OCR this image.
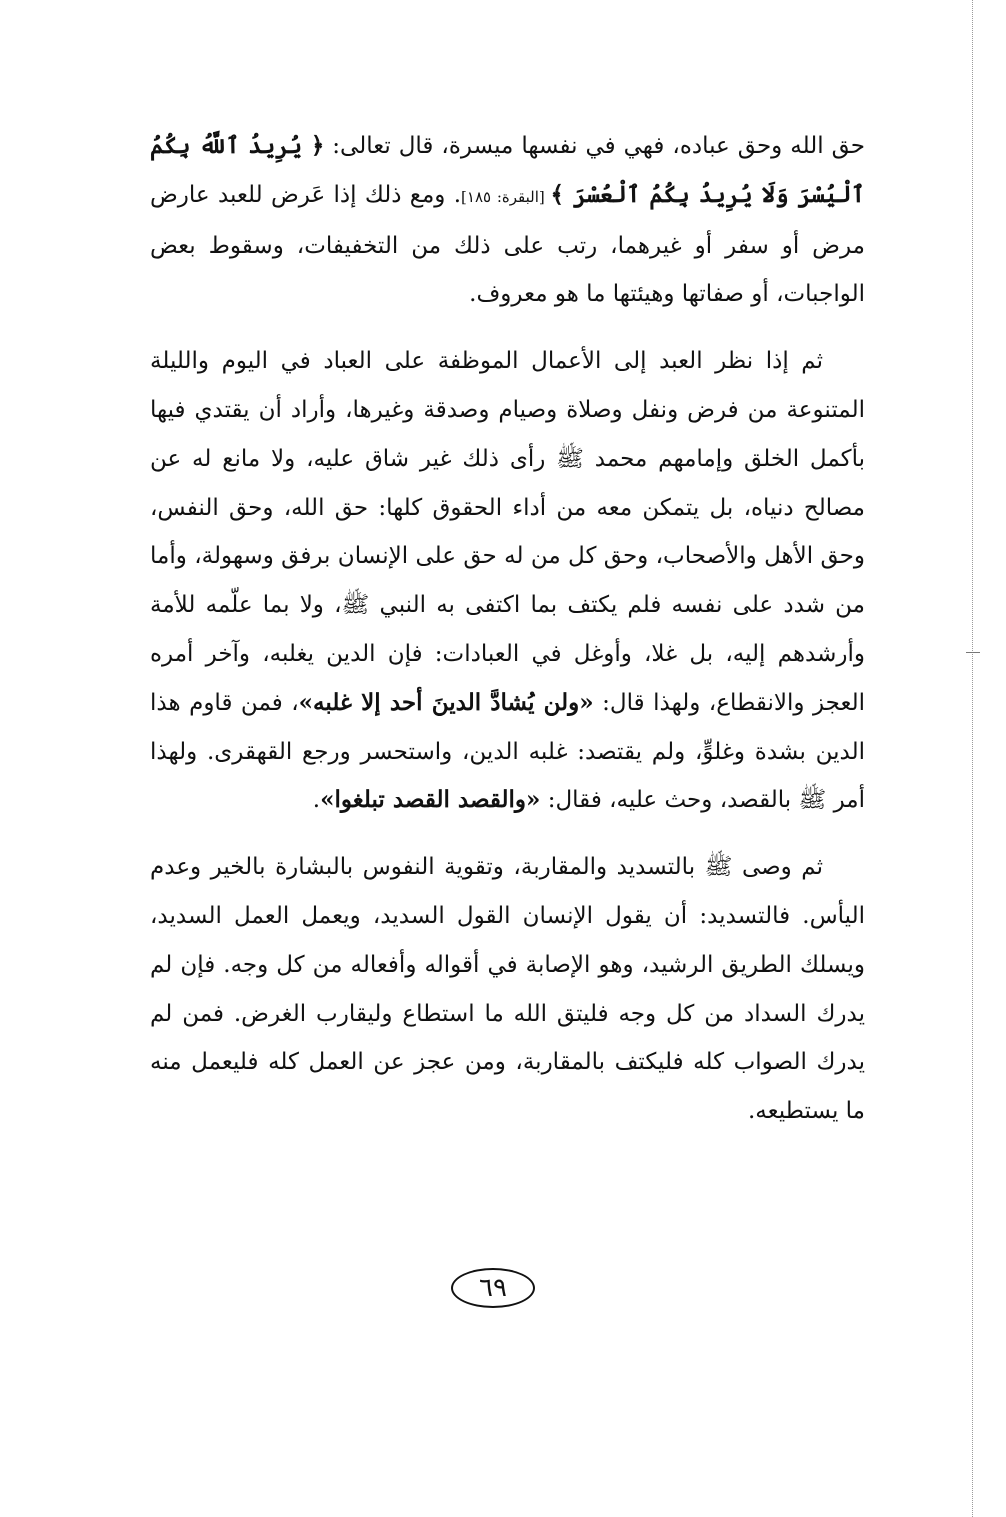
حق الله وحق عباده، فهي في نفسها ميسرة، قال تعالى: ﴿ يُرِيدُ ٱللَّهُ بِكُمُ ٱلْيُسْرَ وَلَا يُرِيدُ بِكُمُ ٱلْعُسْرَ ﴾ [البقرة: ١٨٥]. ومع ذلك إذا عَرض للعبد عارض مرض أو سفر أو غيرهما، رتب على ذلك من التخفيفات، وسقوط بعض الواجبات، أو صفاتها وهيئتها ما هو معروف.

ثم إذا نظر العبد إلى الأعمال الموظفة على العباد في اليوم والليلة المتنوعة من فرض ونفل وصلاة وصيام وصدقة وغيرها، وأراد أن يقتدي فيها بأكمل الخلق وإمامهم محمد ﷺ رأى ذلك غير شاق عليه، ولا مانع له عن مصالح دنياه، بل يتمكن معه من أداء الحقوق كلها: حق الله، وحق النفس، وحق الأهل والأصحاب، وحق كل من له حق على الإنسان برفق وسهولة، وأما من شدد على نفسه فلم يكتف بما اكتفى به النبي ﷺ، ولا بما علّمه للأمة وأرشدهم إليه، بل غلا، وأوغل في العبادات: فإن الدين يغلبه، وآخر أمره العجز والانقطاع، ولهذا قال: «ولن يُشادَّ الدينَ أحد إلا غلبه»، فمن قاوم هذا الدين بشدة وغلوٍّ، ولم يقتصد: غلبه الدين، واستحسر ورجع القهقرى. ولهذا أمر ﷺ بالقصد، وحث عليه، فقال: «والقصد القصد تبلغوا».

ثم وصى ﷺ بالتسديد والمقاربة، وتقوية النفوس بالبشارة بالخير وعدم اليأس. فالتسديد: أن يقول الإنسان القول السديد، ويعمل العمل السديد، ويسلك الطريق الرشيد، وهو الإصابة في أقواله وأفعاله من كل وجه. فإن لم يدرك السداد من كل وجه فليتق الله ما استطاع وليقارب الغرض. فمن لم يدرك الصواب كله فليكتف بالمقاربة، ومن عجز عن العمل كله فليعمل منه ما يستطيعه.

٦٩
